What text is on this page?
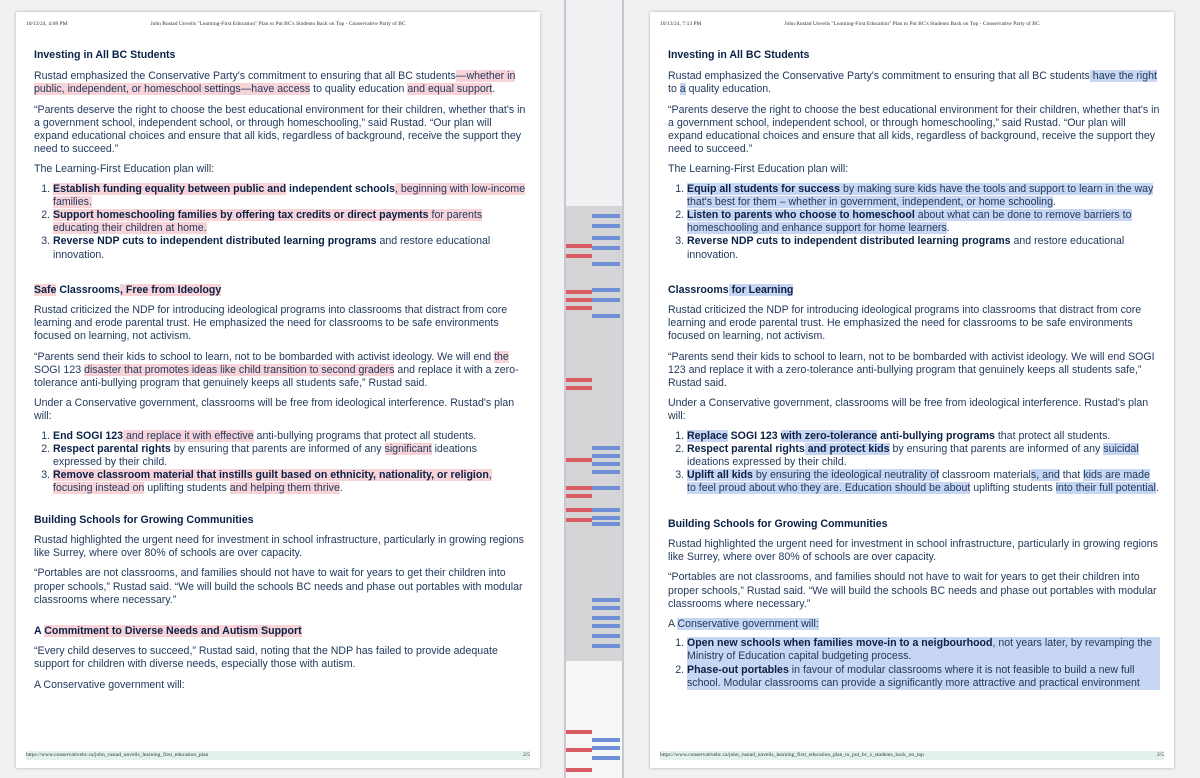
10/13/24, 4:08 PM	John Rustad Unveils "Learning-First Education" Plan to Put BC's Students Back on Top - Conservative Party of BC
Investing in All BC Students

Rustad emphasized the Conservative Party's commitment to ensuring that all BC students—whether in public, independent, or homeschool settings—have access to quality education and equal support.

“Parents deserve the right to choose the best educational environment for their children, whether that's in a government school, independent school, or through homeschooling,” said Rustad. “Our plan will expand educational choices and ensure that all kids, regardless of background, receive the support they need to succeed.”

The Learning-First Education plan will:

1. Establish funding equality between public and independent schools, beginning with low-income families.
2. Support homeschooling families by offering tax credits or direct payments for parents educating their children at home.
3. Reverse NDP cuts to independent distributed learning programs and restore educational innovation.
Safe Classrooms, Free from Ideology

Rustad criticized the NDP for introducing ideological programs into classrooms that distract from core learning and erode parental trust. He emphasized the need for classrooms to be safe environments focused on learning, not activism.

“Parents send their kids to school to learn, not to be bombarded with activist ideology. We will end the SOGI 123 disaster that promotes ideas like child transition to second graders and replace it with a zero-tolerance anti-bullying program that genuinely keeps all students safe,” Rustad said.

Under a Conservative government, classrooms will be free from ideological interference. Rustad's plan will:

1. End SOGI 123 and replace it with effective anti-bullying programs that protect all students.
2. Respect parental rights by ensuring that parents are informed of any significant ideations expressed by their child.
3. Remove classroom material that instills guilt based on ethnicity, nationality, or religion, focusing instead on uplifting students and helping them thrive.
Building Schools for Growing Communities

Rustad highlighted the urgent need for investment in school infrastructure, particularly in growing regions like Surrey, where over 80% of schools are over capacity.

“Portables are not classrooms, and families should not have to wait for years to get their children into proper schools,” Rustad said. “We will build the schools BC needs and phase out portables with modular classrooms where necessary.”

A Commitment to Diverse Needs and Autism Support

“Every child deserves to succeed,” Rustad said, noting that the NDP has failed to provide adequate support for children with diverse needs, especially those with autism.

A Conservative government will:

https://www.conservativebc.ca/john_rustad_unveils_learning_first_education_plan	2/5
10/13/24, 7:13 PM	John Rustad Unveils "Learning-First Education" Plan to Put BC's Students Back on Top - Conservative Party of BC
Investing in All BC Students

Rustad emphasized the Conservative Party's commitment to ensuring that all BC students have the right to a quality education.

“Parents deserve the right to choose the best educational environment for their children, whether that's in a government school, independent school, or through homeschooling,” said Rustad. “Our plan will expand educational choices and ensure that all kids, regardless of background, receive the support they need to succeed.”

The Learning-First Education plan will:

1. Equip all students for success by making sure kids have the tools and support to learn in the way that's best for them – whether in government, independent, or home schooling.
2. Listen to parents who choose to homeschool about what can be done to remove barriers to homeschooling and enhance support for home learners.
3. Reverse NDP cuts to independent distributed learning programs and restore educational innovation.
Classrooms for Learning

Rustad criticized the NDP for introducing ideological programs into classrooms that distract from core learning and erode parental trust. He emphasized the need for classrooms to be safe environments focused on learning, not activism.

“Parents send their kids to school to learn, not to be bombarded with activist ideology. We will end SOGI 123 and replace it with a zero-tolerance anti-bullying program that genuinely keeps all students safe,” Rustad said.

Under a Conservative government, classrooms will be free from ideological interference. Rustad's plan will:

1. Replace SOGI 123 with zero-tolerance anti-bullying programs that protect all students.
2. Respect parental rights and protect kids by ensuring that parents are informed of any suicidal ideations expressed by their child.
3. Uplift all kids by ensuring the ideological neutrality of classroom materials, and that kids are made to feel proud about who they are. Education should be about uplifting students into their full potential.
Building Schools for Growing Communities

Rustad highlighted the urgent need for investment in school infrastructure, particularly in growing regions like Surrey, where over 80% of schools are over capacity.

“Portables are not classrooms, and families should not have to wait for years to get their children into proper schools,” Rustad said. “We will build the schools BC needs and phase out portables with modular classrooms where necessary.”

A Conservative government will:

1. Open new schools when families move-in to a neigbourhood, not years later, by revamping the Ministry of Education capital budgeting process.
2. Phase-out portables in favour of modular classrooms where it is not feasible to build a new full school. Modular classrooms can provide a significantly more attractive and practical environment
https://www.conservativebc.ca/john_rustad_unveils_learning_first_education_plan_to_put_bc_s_students_back_on_top	2/5
